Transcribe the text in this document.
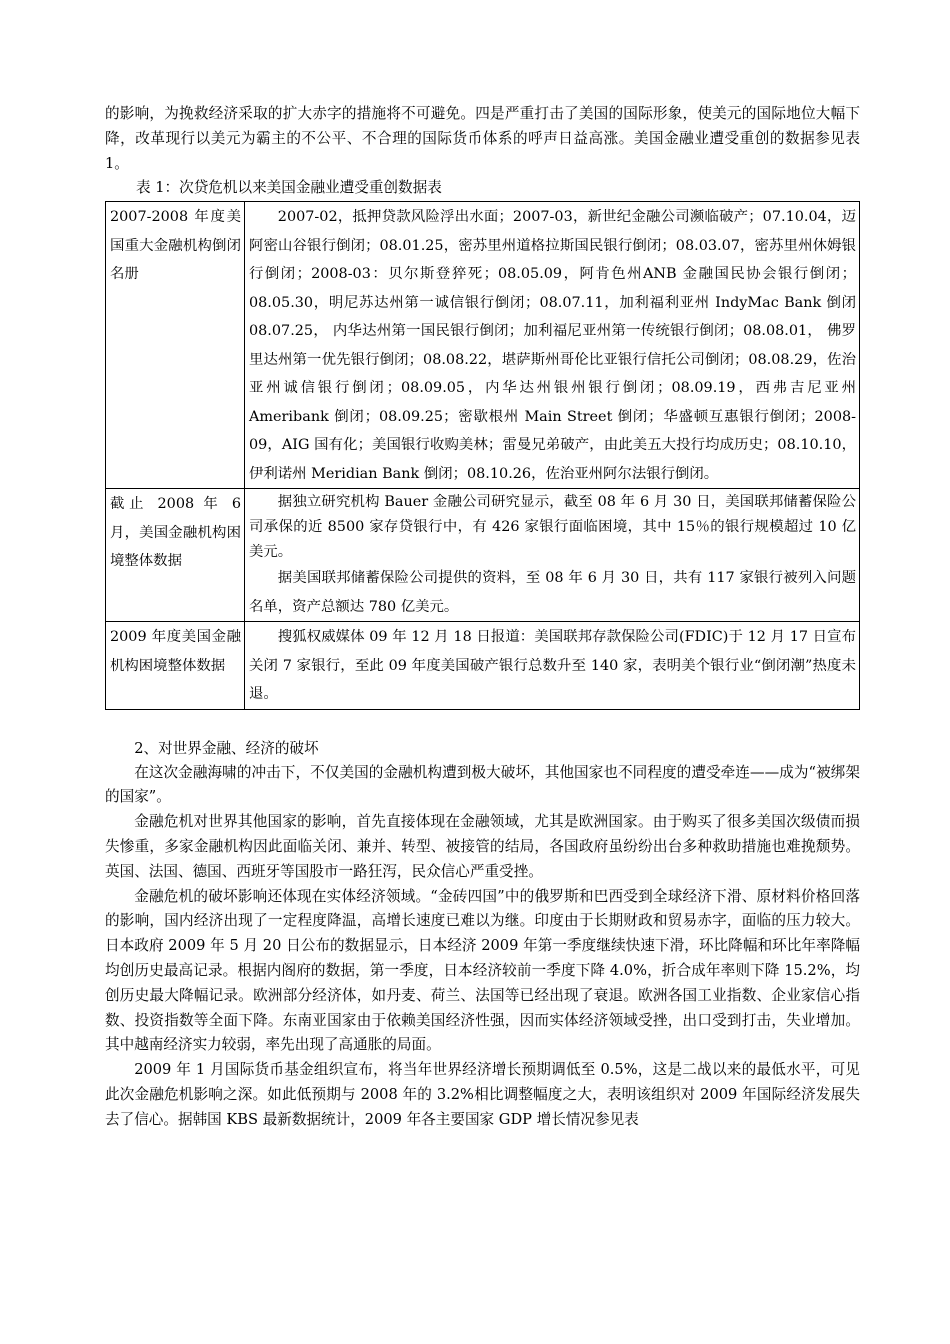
的影响，为挽救经济采取的扩大赤字的措施将不可避免。四是严重打击了美国的国际形象，使美元的国际地位大幅下降，改革现行以美元为霸主的不公平、不合理的国际货币体系的呼声日益高涨。美国金融业遭受重创的数据参见表 1。

表 1：次贷危机以来美国金融业遭受重创数据表

2007-2008 年度美国重大金融机构倒闭名册	2007-02，抵押贷款风险浮出水面；2007-03，新世纪金融公司濒临破产；07.10.04，迈阿密山谷银行倒闭；08.01.25，密苏里州道格拉斯国民银行倒闭；08.03.07，密苏里州休姆银行倒闭；2008-03：贝尔斯登猝死；08.05.09，阿肯色州ANB 金融国民协会银行倒闭；08.05.30，明尼苏达州第一诚信银行倒闭；08.07.11，加利福利亚州 IndyMac Bank 倒闭 08.07.25， 内华达州第一国民银行倒闭；加利福尼亚州第一传统银行倒闭；08.08.01， 佛罗里达州第一优先银行倒闭；08.08.22，堪萨斯州哥伦比亚银行信托公司倒闭；08.08.29，佐治亚州诚信银行倒闭；08.09.05，内华达州银州银行倒闭；08.09.19，西弗吉尼亚州 Ameribank 倒闭；08.09.25；密歇根州 Main Street 倒闭；华盛顿互惠银行倒闭；2008-09，AIG 国有化；美国银行收购美林；雷曼兄弟破产，由此美五大投行均成历史；08.10.10，伊利诺州 Meridian Bank 倒闭；08.10.26，佐治亚州阿尔法银行倒闭。

截止 2008 年 6 月，美国金融机构困境整体数据	据独立研究机构 Bauer 金融公司研究显示，截至 08 年 6 月 30 日，美国联邦储蓄保险公司承保的近 8500 家存贷银行中，有 426 家银行面临困境，其中 15％的银行规模超过 10 亿美元。

据美国联邦储蓄保险公司提供的资料，至 08 年 6 月 30 日，共有 117 家银行被列入问题名单，资产总额达 780 亿美元。

2009 年度美国金融机构困境整体数据	搜狐权威媒体 09 年 12 月 18 日报道：美国联邦存款保险公司(FDIC)于 12 月 17 日宣布关闭 7 家银行，至此 09 年度美国破产银行总数升至 140 家，表明美个银行业“倒闭潮”热度未退。

2、对世界金融、经济的破坏

在这次金融海啸的冲击下，不仅美国的金融机构遭到极大破坏，其他国家也不同程度的遭受牵连——成为“被绑架的国家”。

金融危机对世界其他国家的影响，首先直接体现在金融领域，尤其是欧洲国家。由于购买了很多美国次级债而损失惨重，多家金融机构因此面临关闭、兼并、转型、被接管的结局，各国政府虽纷纷出台多种救助措施也难挽颓势。英国、法国、德国、西班牙等国股市一路狂泻，民众信心严重受挫。

金融危机的破坏影响还体现在实体经济领域。“金砖四国”中的俄罗斯和巴西受到全球经济下滑、原材料价格回落的影响，国内经济出现了一定程度降温，高增长速度已难以为继。印度由于长期财政和贸易赤字，面临的压力较大。日本政府 2009 年 5 月 20 日公布的数据显示，日本经济 2009 年第一季度继续快速下滑，环比降幅和环比年率降幅均创历史最高记录。根据内阁府的数据，第一季度，日本经济较前一季度下降 4.0%，折合成年率则下降 15.2%，均创历史最大降幅记录。欧洲部分经济体，如丹麦、荷兰、法国等已经出现了衰退。欧洲各国工业指数、企业家信心指数、投资指数等全面下降。东南亚国家由于依赖美国经济性强，因而实体经济领域受挫，出口受到打击，失业增加。其中越南经济实力较弱，率先出现了高通胀的局面。

2009 年 1 月国际货币基金组织宣布，将当年世界经济增长预期调低至 0.5%，这是二战以来的最低水平，可见此次金融危机影响之深。如此低预期与 2008 年的 3.2%相比调整幅度之大，表明该组织对 2009 年国际经济发展失去了信心。据韩国 KBS 最新数据统计，2009 年各主要国家 GDP 增长情况参见表
